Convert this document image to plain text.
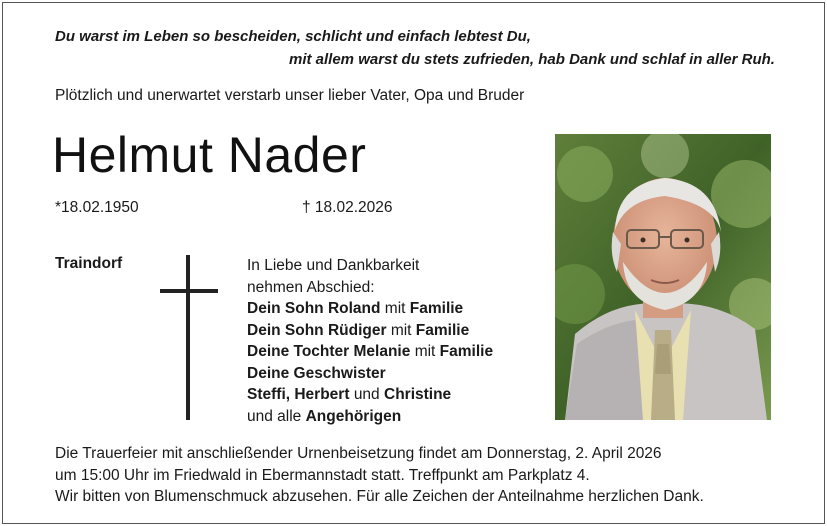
Du warst im Leben so bescheiden, schlicht und einfach lebtest Du,
mit allem warst du stets zufrieden, hab Dank und schlaf in aller Ruh.
Plötzlich und unerwartet verstarb unser lieber Vater, Opa und Bruder
Helmut Nader
*18.02.1950	† 18.02.2026
Traindorf	In Liebe und Dankbarkeit
nehmen Abschied:
Dein Sohn Roland mit Familie
Dein Sohn Rüdiger mit Familie
Deine Tochter Melanie mit Familie
Deine Geschwister
Steffi, Herbert und Christine
und alle Angehörigen
Die Trauerfeier mit anschließender Urnenbeisetzung findet am Donnerstag, 2. April 2026
um 15:00 Uhr im Friedwald in Ebermannstadt statt. Treffpunkt am Parkplatz 4.
Wir bitten von Blumenschmuck abzusehen. Für alle Zeichen der Anteilnahme herzlichen Dank.
